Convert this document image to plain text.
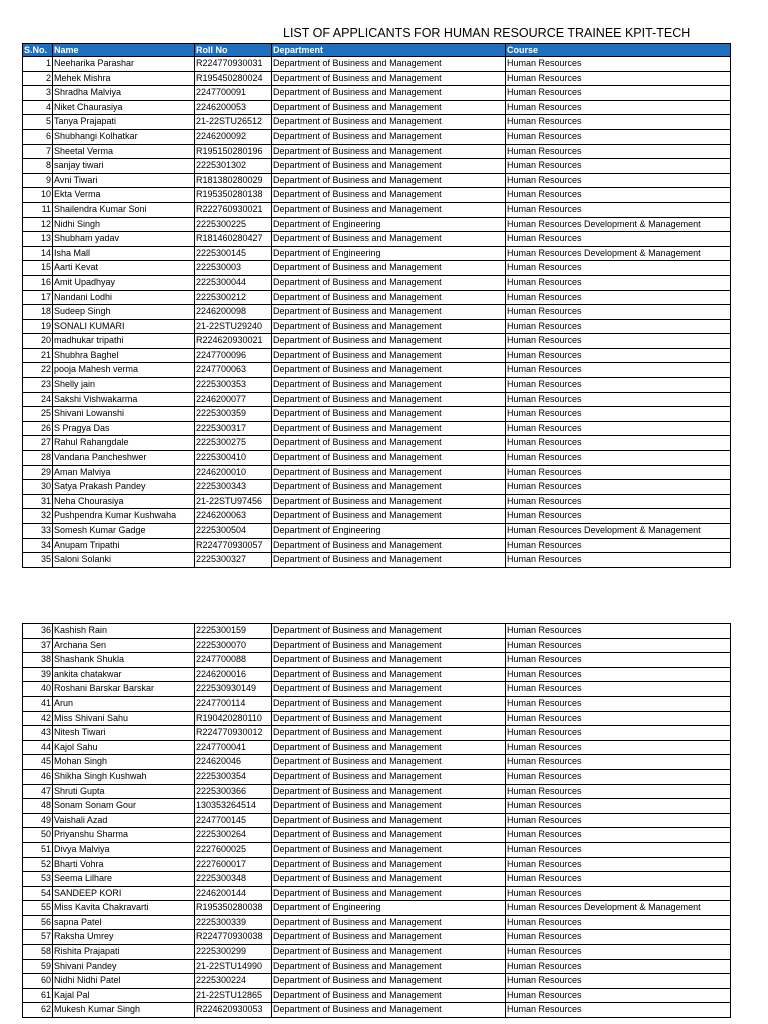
LIST OF APPLICANTS FOR HUMAN RESOURCE TRAINEE KPIT-TECH
S.No.	Name	Roll No	Department	Course
1	Neeharika Parashar	R224770930031	Department of Business and Management	Human Resources
2	Mehek Mishra	R195450280024	Department of Business and Management	Human Resources
3	Shradha Malviya	2247700091	Department of Business and Management	Human Resources
4	Niket Chaurasiya	2246200053	Department of Business and Management	Human Resources
5	Tanya Prajapati	21-22STU26512	Department of Business and Management	Human Resources
6	Shubhangi Kolhatkar	2246200092	Department of Business and Management	Human Resources
7	Sheetal Verma	R195150280196	Department of Business and Management	Human Resources
8	sanjay tiwari	2225301302	Department of Business and Management	Human Resources
9	Avni Tiwari	R181380280029	Department of Business and Management	Human Resources
10	Ekta Verma	R195350280138	Department of Business and Management	Human Resources
11	Shailendra Kumar Soni	R222760930021	Department of Business and Management	Human Resources
12	Nidhi Singh	2225300225	Department of Engineering	Human Resources Development & Management
13	Shubham yadav	R181460280427	Department of Business and Management	Human Resources
14	Isha Mall	2225300145	Department of Engineering	Human Resources Development & Management
15	Aarti Kevat	222530003	Department of Business and Management	Human Resources
16	Amit Upadhyay	2225300044	Department of Business and Management	Human Resources
17	Nandani Lodhi	2225300212	Department of Business and Management	Human Resources
18	Sudeep Singh	2246200098	Department of Business and Management	Human Resources
19	SONALI KUMARI	21-22STU29240	Department of Business and Management	Human Resources
20	madhukar tripathi	R224620930021	Department of Business and Management	Human Resources
21	Shubhra Baghel	2247700096	Department of Business and Management	Human Resources
22	pooja Mahesh verma	2247700063	Department of Business and Management	Human Resources
23	Shelly jain	2225300353	Department of Business and Management	Human Resources
24	Sakshi Vishwakarma	2246200077	Department of Business and Management	Human Resources
25	Shivani Lowanshi	2225300359	Department of Business and Management	Human Resources
26	S Pragya Das	2225300317	Department of Business and Management	Human Resources
27	Rahul Rahangdale	2225300275	Department of Business and Management	Human Resources
28	Vandana Pancheshwer	2225300410	Department of Business and Management	Human Resources
29	Aman Malviya	2246200010	Department of Business and Management	Human Resources
30	Satya Prakash Pandey	2225300343	Department of Business and Management	Human Resources
31	Neha Chourasiya	21-22STU97456	Department of Business and Management	Human Resources
32	Pushpendra Kumar Kushwaha	2246200063	Department of Business and Management	Human Resources
33	Somesh Kumar Gadge	2225300504	Department of Engineering	Human Resources Development & Management
34	Anupam Tripathi	R224770930057	Department of Business and Management	Human Resources
35	Saloni Solanki	2225300327	Department of Business and Management	Human Resources
36	Kashish Rain	2225300159	Department of Business and Management	Human Resources
37	Archana Sen	2225300070	Department of Business and Management	Human Resources
38	Shashank Shukla	2247700088	Department of Business and Management	Human Resources
39	ankita chatakwar	2246200016	Department of Business and Management	Human Resources
40	Roshani Barskar Barskar	222530930149	Department of Business and Management	Human Resources
41	Arun	2247700114	Department of Business and Management	Human Resources
42	Miss Shivani Sahu	R190420280110	Department of Business and Management	Human Resources
43	Nitesh Tiwari	R224770930012	Department of Business and Management	Human Resources
44	Kajol Sahu	2247700041	Department of Business and Management	Human Resources
45	Mohan Singh	224620046	Department of Business and Management	Human Resources
46	Shikha Singh Kushwah	2225300354	Department of Business and Management	Human Resources
47	Shruti Gupta	2225300366	Department of Business and Management	Human Resources
48	Sonam Sonam Gour	130353264514	Department of Business and Management	Human Resources
49	Vaishali Azad	2247700145	Department of Business and Management	Human Resources
50	Priyanshu Sharma	2225300264	Department of Business and Management	Human Resources
51	Divya Malviya	2227600025	Department of Business and Management	Human Resources
52	Bharti Vohra	2227600017	Department of Business and Management	Human Resources
53	Seema Lilhare	2225300348	Department of Business and Management	Human Resources
54	SANDEEP KORI	2246200144	Department of Business and Management	Human Resources
55	Miss Kavita Chakravarti	R195350280038	Department of Engineering	Human Resources Development & Management
56	sapna Patel	2225300339	Department of Business and Management	Human Resources
57	Raksha Umrey	R224770930038	Department of Business and Management	Human Resources
58	Rishita Prajapati	2225300299	Department of Business and Management	Human Resources
59	Shivani Pandey	21-22STU14990	Department of Business and Management	Human Resources
60	Nidhi Nidhi Patel	2225300224	Department of Business and Management	Human Resources
61	Kajal Pal	21-22STU12865	Department of Business and Management	Human Resources
62	Mukesh Kumar Singh	R224620930053	Department of Business and Management	Human Resources
